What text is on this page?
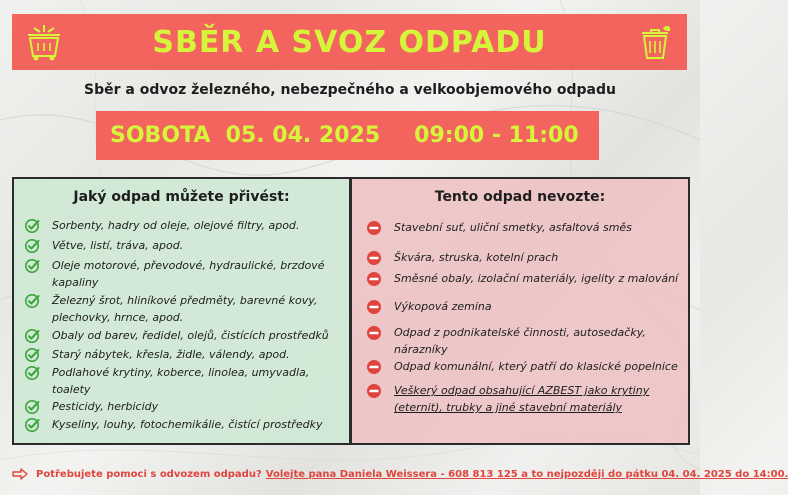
SBĚR A SVOZ ODPADU
Sběr a odvoz železného, nebezpečného a velkoobjemového odpadu
SOBOTA  05. 04. 2025 09:00 - 11:00
Jaký odpad můžete přivést:
Sorbenty, hadry od oleje, olejové filtry, apod.
Větve, listí, tráva, apod.
Oleje motorové, převodové, hydraulické, brzdové kapaliny
Železný šrot, hliníkové předměty, barevné kovy, plechovky, hrnce, apod.
Obaly od barev, ředidel, olejů, čistících prostředků
Starý nábytek, křesla, židle, válendy, apod.
Podlahové krytiny, koberce, linolea, umyvadla, toalety
Pesticidy, herbicidy
Kyseliny, louhy, fotochemikálie, čistící prostředky
Tento odpad nevozte:
Stavební suť, uliční smetky, asfaltová směs
Škvára, struska, kotelní prach
Směsné obaly, izolační materiály, igelity z malování
Výkopová zemina
Odpad z podnikatelské činnosti, autosedačky, nárazníky
Odpad komunální, který patří do klasické popelnice
Veškerý odpad obsahující AZBEST jako krytiny (eternit), trubky a jiné stavební materiály
Potřebujete pomoci s odvozem odpadu? Volejte pana Daniela Weissera - 608 813 125 a to nejpozději do pátku 04. 04. 2025 do 14:00.
